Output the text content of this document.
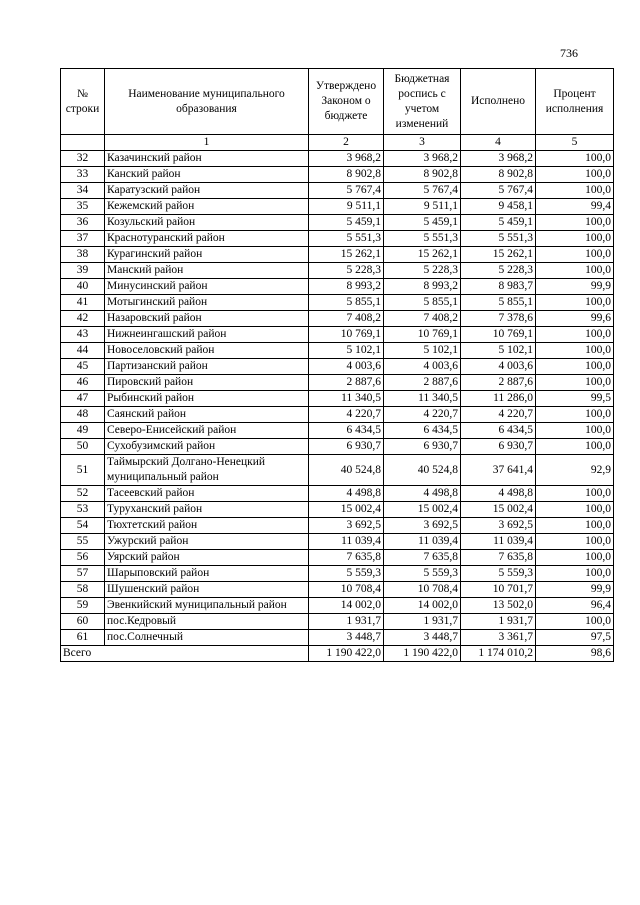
736
№ строки	Наименование муниципального образования	Утверждено Законом о бюджете	Бюджетная роспись с учетом изменений	Исполнено	Процент исполнения
	1	2	3	4	5
32	Казачинский район	3 968,2	3 968,2	3 968,2	100,0
33	Канский район	8 902,8	8 902,8	8 902,8	100,0
34	Каратузский район	5 767,4	5 767,4	5 767,4	100,0
35	Кежемский район	9 511,1	9 511,1	9 458,1	99,4
36	Козульский район	5 459,1	5 459,1	5 459,1	100,0
37	Краснотуранский район	5 551,3	5 551,3	5 551,3	100,0
38	Курагинский район	15 262,1	15 262,1	15 262,1	100,0
39	Манский район	5 228,3	5 228,3	5 228,3	100,0
40	Минусинский район	8 993,2	8 993,2	8 983,7	99,9
41	Мотыгинский район	5 855,1	5 855,1	5 855,1	100,0
42	Назаровский район	7 408,2	7 408,2	7 378,6	99,6
43	Нижнеингашский район	10 769,1	10 769,1	10 769,1	100,0
44	Новоселовский район	5 102,1	5 102,1	5 102,1	100,0
45	Партизанский район	4 003,6	4 003,6	4 003,6	100,0
46	Пировский район	2 887,6	2 887,6	2 887,6	100,0
47	Рыбинский район	11 340,5	11 340,5	11 286,0	99,5
48	Саянский район	4 220,7	4 220,7	4 220,7	100,0
49	Северо-Енисейский район	6 434,5	6 434,5	6 434,5	100,0
50	Сухобузимский район	6 930,7	6 930,7	6 930,7	100,0
51	Таймырский Долгано-Ненецкий муниципальный район	40 524,8	40 524,8	37 641,4	92,9
52	Тасеевский район	4 498,8	4 498,8	4 498,8	100,0
53	Туруханский район	15 002,4	15 002,4	15 002,4	100,0
54	Тюхтетский район	3 692,5	3 692,5	3 692,5	100,0
55	Ужурский район	11 039,4	11 039,4	11 039,4	100,0
56	Уярский район	7 635,8	7 635,8	7 635,8	100,0
57	Шарыповский район	5 559,3	5 559,3	5 559,3	100,0
58	Шушенский район	10 708,4	10 708,4	10 701,7	99,9
59	Эвенкийский муниципальный район	14 002,0	14 002,0	13 502,0	96,4
60	пос.Кедровый	1 931,7	1 931,7	1 931,7	100,0
61	пос.Солнечный	3 448,7	3 448,7	3 361,7	97,5
Всего		1 190 422,0	1 190 422,0	1 174 010,2	98,6
